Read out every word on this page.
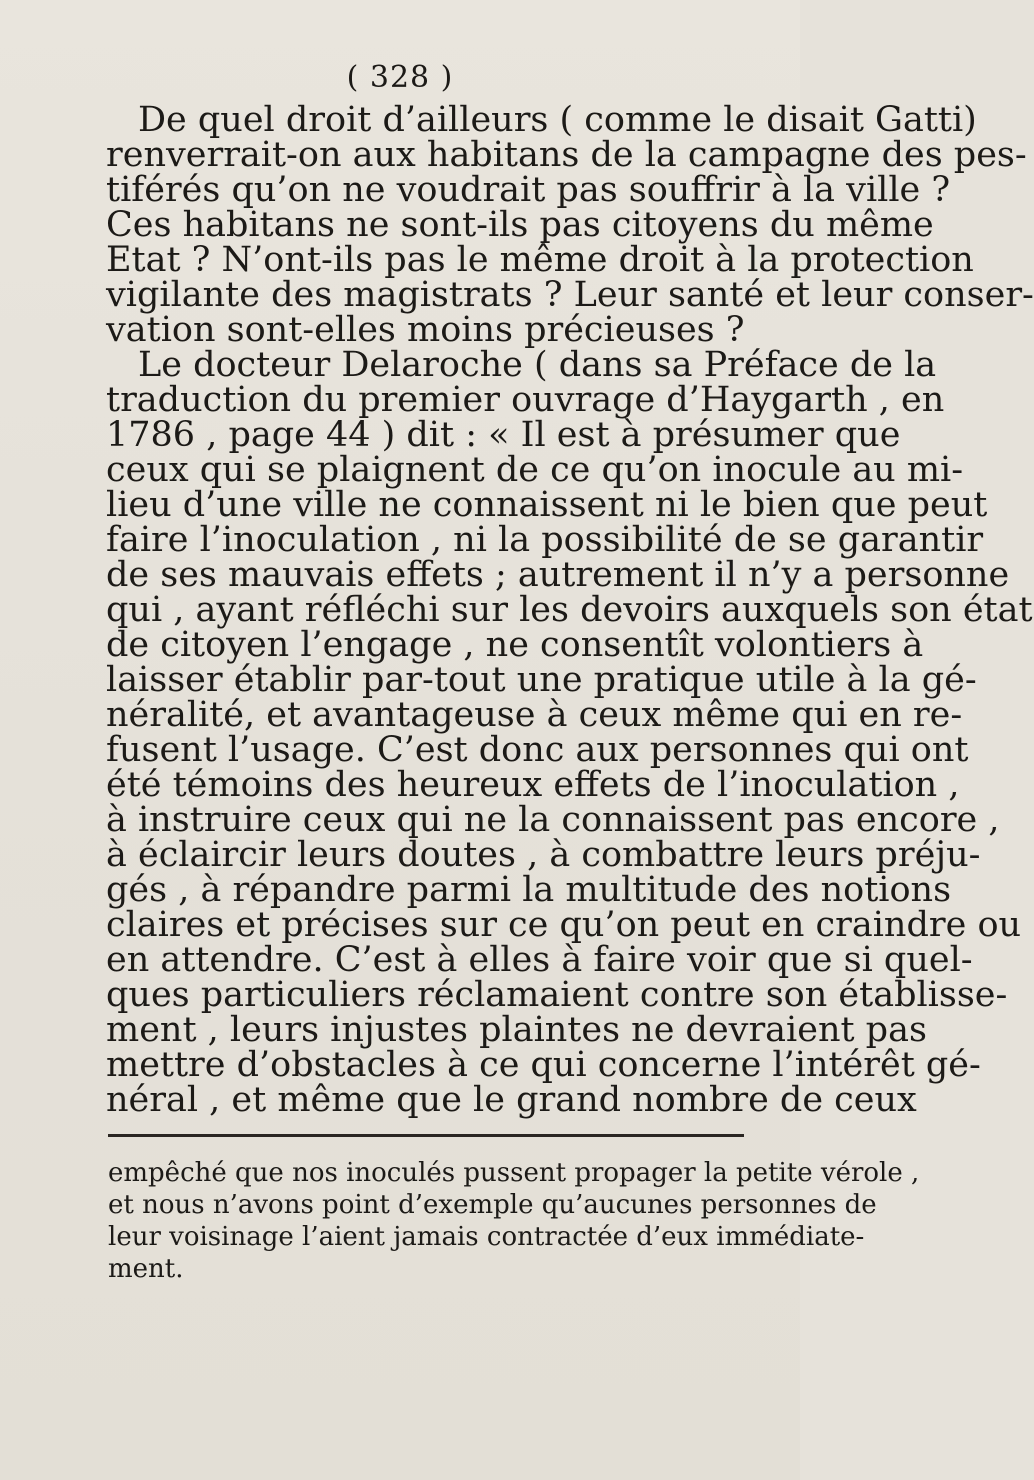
( 328 )
De quel droit d’ailleurs ( comme le disait Gatti)
renverrait-on aux habitans de la campagne des pes-
tiférés qu’on ne voudrait pas souffrir à la ville ?
Ces habitans ne sont-ils pas citoyens du même
Etat ? N’ont-ils pas le même droit à la protection
vigilante des magistrats ? Leur santé et leur conser-
vation sont-elles moins précieuses ?
Le docteur Delaroche ( dans sa Préface de la
traduction du premier ouvrage d’Haygarth , en
1786 , page 44 ) dit : « Il est à présumer que
ceux qui se plaignent de ce qu’on inocule au mi-
lieu d’une ville ne connaissent ni le bien que peut
faire l’inoculation , ni la possibilité de se garantir
de ses mauvais effets ; autrement il n’y a personne
qui , ayant réfléchi sur les devoirs auxquels son état
de citoyen l’engage , ne consentît volontiers à
laisser établir par-tout une pratique utile à la gé-
néralité, et avantageuse à ceux même qui en re-
fusent l’usage. C’est donc aux personnes qui ont
été témoins des heureux effets de l’inoculation ,
à instruire ceux qui ne la connaissent pas encore ,
à éclaircir leurs doutes , à combattre leurs préju-
gés , à répandre parmi la multitude des notions
claires et précises sur ce qu’on peut en craindre ou
en attendre. C’est à elles à faire voir que si quel-
ques particuliers réclamaient contre son établisse-
ment , leurs injustes plaintes ne devraient pas
mettre d’obstacles à ce qui concerne l’intérêt gé-
néral , et même que le grand nombre de ceux
empêché que nos inoculés pussent propager la petite vérole ,
et nous n’avons point d’exemple qu’aucunes personnes de
leur voisinage l’aient jamais contractée d’eux immédiate-
ment.
